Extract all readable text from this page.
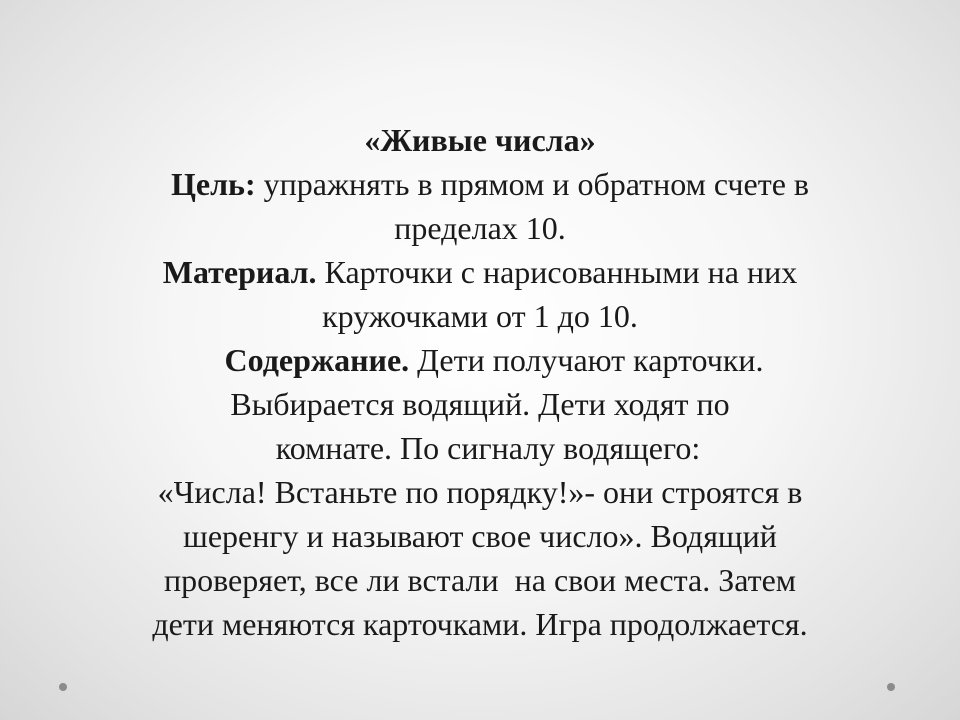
«Живые числа»
Цель: упражнять в прямом и обратном счете в
пределах 10.
Материал. Карточки с нарисованными на них
кружочками от 1 до 10.
Содержание. Дети получают карточки.
Выбирается водящий. Дети ходят по
комнате. По сигналу водящего:
«Числа! Встаньте по порядку!»- они строятся в
шеренгу и называют свое число». Водящий
проверяет, все ли встали  на свои места. Затем
дети меняются карточками. Игра продолжается.
